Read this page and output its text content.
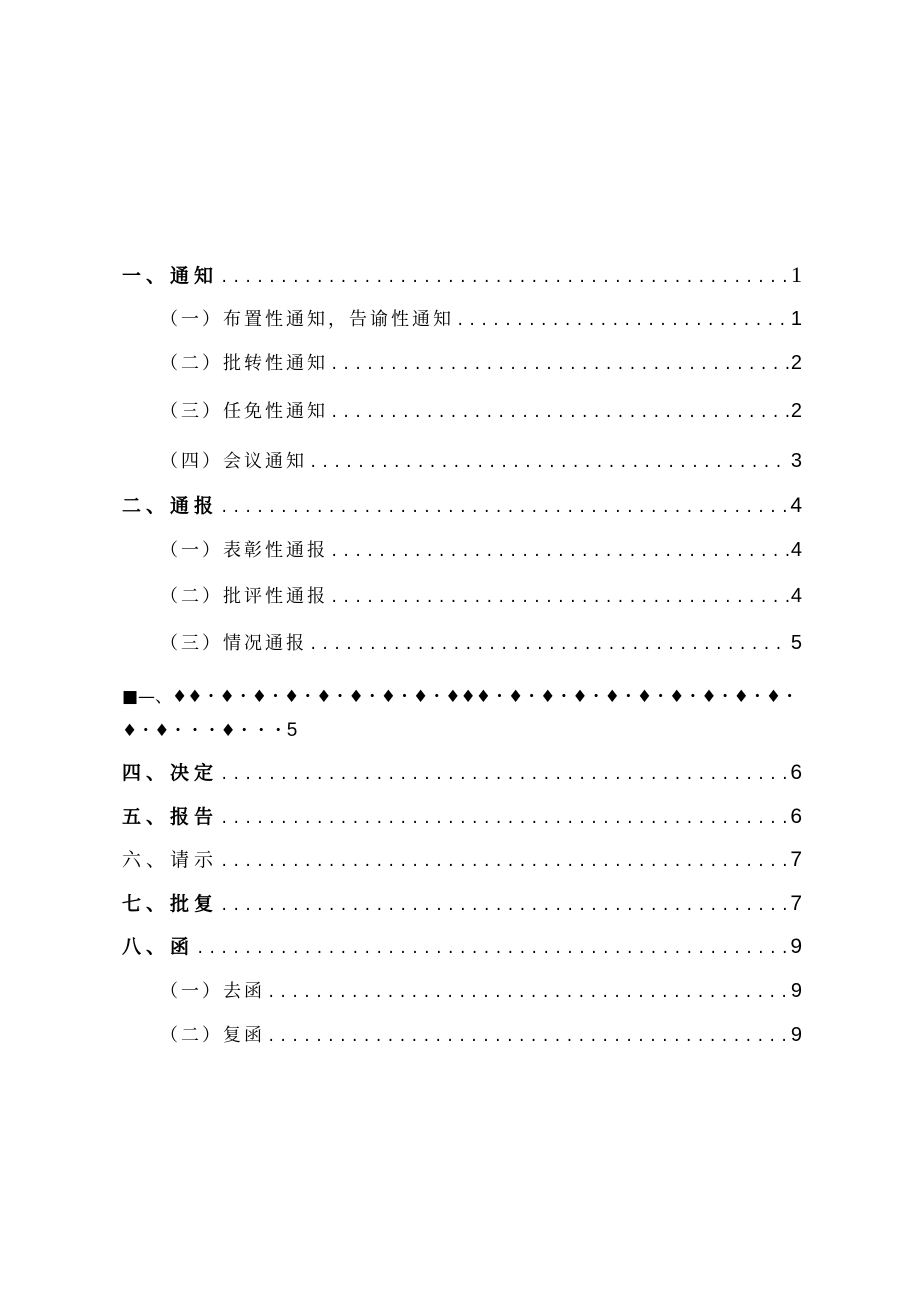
一、通知 .....	1
（一）布置性通知，告谕性通知 .....	1
（二）批转性通知 .....	2
（三）任免性通知 .....	2
（四）会议通知 .....	3
二、通报 .....	4
（一）表彰性通报 .....	4
（二）批评性通报 .....	4
（三）情况通报 .....	5
■—、♦♦・♦・♦・♦・♦・♦・♦・♦・♦♦♦・♦・♦・♦・♦・♦・♦・♦・♦・♦・♦・♦・・・♦・・・5
四、决定 .....	6
五、报告 .....	6
六、请示 .....	7
七、批复 .....	7
八、函 .....	9
（一）去函 .....	9
（二）复函 .....	9
